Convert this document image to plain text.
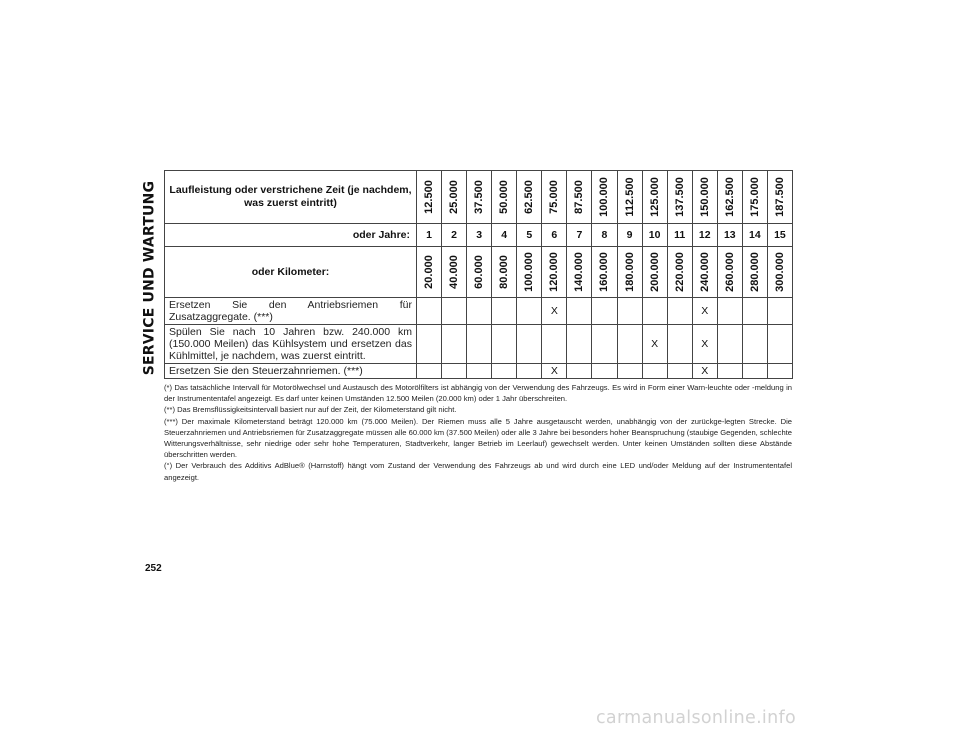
SERVICE UND WARTUNG Laufleistung oder verstrichene Zeit (je nachdem, was zuerst eintritt)	12.500	25.000	37.500	50.000	62.500	75.000	87.500	100.000	112.500	125.000	137.500	150.000	162.500	175.000	187.500

oder Jahre:	1	2	3	4	5	6	7	8	9	10	11	12	13	14	15
oder Kilometer:	20.000	40.000	60.000	80.000	100.000	120.000	140.000	160.000	180.000	200.000	220.000	240.000	260.000	280.000	300.000

Ersetzen Sie den Antriebsriemen für Zusatzaggregate. (***)						X						X			
Spülen Sie nach 10 Jahren bzw. 240.000 km (150.000 Meilen) das Kühlsystem und ersetzen das Kühlmittel, je nachdem, was zuerst eintritt.										X		X			
Ersetzen Sie den Steuerzahnriemen. (***)						X						X			

(*) Das tatsächliche Intervall für Motorölwechsel und Austausch des Motorölfilters ist abhängig von der Verwendung des Fahrzeugs. Es wird in Form einer Warn-leuchte oder -meldung in der Instrumententafel angezeigt. Es darf unter keinen Umständen 12.500 Meilen (20.000 km) oder 1 Jahr überschreiten.

(**) Das Bremsflüssigkeitsintervall basiert nur auf der Zeit, der Kilometerstand gilt nicht.

(***) Der maximale Kilometerstand beträgt 120.000 km (75.000 Meilen). Der Riemen muss alle 5 Jahre ausgetauscht werden, unabhängig von der zurückge-legten Strecke. Die Steuerzahnriemen und Antriebsriemen für Zusatzaggregate müssen alle 60.000 km (37.500 Meilen) oder alle 3 Jahre bei besonders hoher Beanspruchung (staubige Gegenden, schlechte Witterungsverhältnisse, sehr niedrige oder sehr hohe Temperaturen, Stadtverkehr, langer Betrieb im Leerlauf) gewechselt werden. Unter keinen Umständen sollten diese Abstände überschritten werden.

(°) Der Verbrauch des Additivs AdBlue® (Harnstoff) hängt vom Zustand der Verwendung des Fahrzeugs ab und wird durch eine LED und/oder Meldung auf der Instrumententafel angezeigt.

252
carmanualsonline.info
